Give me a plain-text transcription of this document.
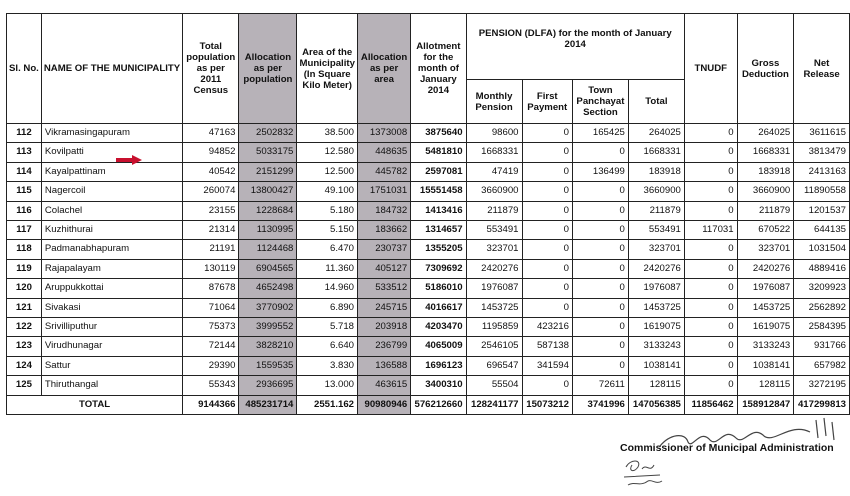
Sl. No.	NAME OF THE MUNICIPALITY	Total population as per 2011 Census	Allocation as per population	Area of the Municipality (In Square Kilo Meter)	Allocation as per area	Allotment for the month of January 2014	PENSION (DLFA) for the month of January 2014				TNUDF	Gross Deduction	Net Release
							Monthly Pension	First Payment	Town Panchayat Section	Total			
112	Vikramasingapuram	47163	2502832	38.500	1373008	3875640	98600	0	165425	264025	0	264025	3611615
113	Kovilpatti	94852	5033175	12.580	448635	5481810	1668331	0	0	1668331	0	1668331	3813479
114	Kayalpattinam	40542	2151299	12.500	445782	2597081	47419	0	136499	183918	0	183918	2413163
115	Nagercoil	260074	13800427	49.100	1751031	15551458	3660900	0	0	3660900	0	3660900	11890558
116	Colachel	23155	1228684	5.180	184732	1413416	211879	0	0	211879	0	211879	1201537
117	Kuzhithurai	21314	1130995	5.150	183662	1314657	553491	0	0	553491	117031	670522	644135
118	Padmanabhapuram	21191	1124468	6.470	230737	1355205	323701	0	0	323701	0	323701	1031504
119	Rajapalayam	130119	6904565	11.360	405127	7309692	2420276	0	0	2420276	0	2420276	4889416
120	Aruppukkottai	87678	4652498	14.960	533512	5186010	1976087	0	0	1976087	0	1976087	3209923
121	Sivakasi	71064	3770902	6.890	245715	4016617	1453725	0	0	1453725	0	1453725	2562892
122	Srivilliputhur	75373	3999552	5.718	203918	4203470	1195859	423216	0	1619075	0	1619075	2584395
123	Virudhunagar	72144	3828210	6.640	236799	4065009	2546105	587138	0	3133243	0	3133243	931766
124	Sattur	29390	1559535	3.830	136588	1696123	696547	341594	0	1038141	0	1038141	657982
125	Thiruthangal	55343	2936695	13.000	463615	3400310	55504	0	72611	128115	0	128115	3272195
TOTAL		9144366	485231714	2551.162	90980946	576212660	128241177	15073212	3741996	147056385	11856462	158912847	417299813
Commissioner of Municipal Administration
